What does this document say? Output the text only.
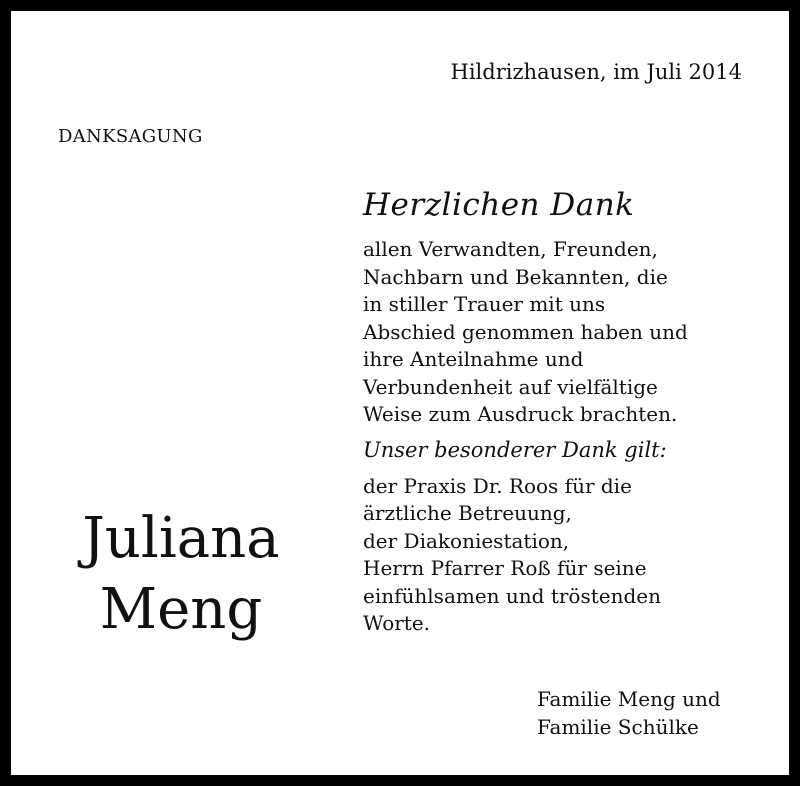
Hildrizhausen, im Juli 2014
DANKSAGUNG
Juliana
Meng
Herzlichen Dank
allen Verwandten, Freunden,
Nachbarn und Bekannten, die
in stiller Trauer mit uns
Abschied genommen haben und
ihre Anteilnahme und
Verbundenheit auf vielfältige
Weise zum Ausdruck brachten.
Unser besonderer Dank gilt:
der Praxis Dr. Roos für die
ärztliche Betreuung,
der Diakoniestation,
Herrn Pfarrer Roß für seine
einfühlsamen und tröstenden
Worte.
Familie Meng und
Familie Schülke
